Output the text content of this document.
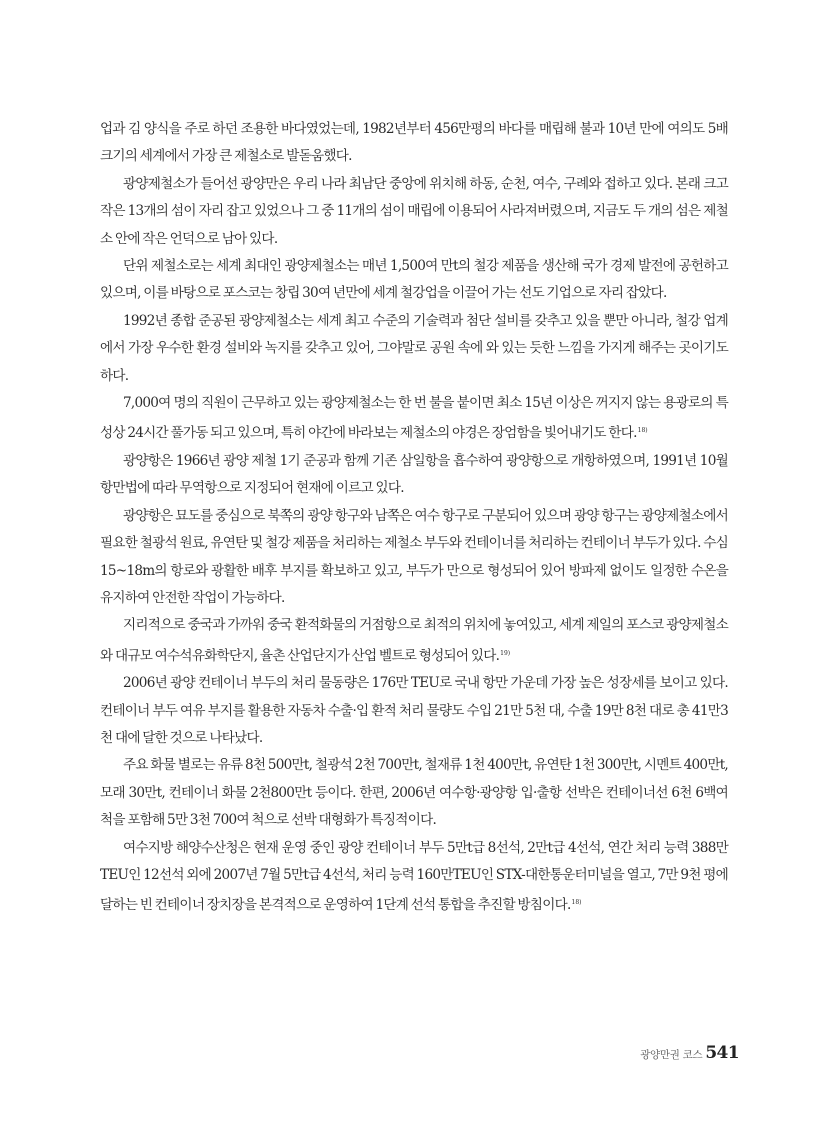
업과 김 양식을 주로 하던 조용한 바다였었는데, 1982년부터 456만평의 바다를 매립해 불과 10년 만에 여의도 5배 크기의 세계에서 가장 큰 제철소로 발돋움했다.

광양제철소가 들어선 광양만은 우리 나라 최남단 중앙에 위치해 하동, 순천, 여수, 구례와 접하고 있다. 본래 크고 작은 13개의 섬이 자리 잡고 있었으나 그 중 11개의 섬이 매립에 이용되어 사라져버렸으며, 지금도 두 개의 섬은 제철소 안에 작은 언덕으로 남아 있다.

단위 제철소로는 세계 최대인 광양제철소는 매년 1,500여 만t의 철강 제품을 생산해 국가 경제 발전에 공헌하고 있으며, 이를 바탕으로 포스코는 창립 30여 년만에 세계 철강업을 이끌어 가는 선도 기업으로 자리 잡았다.

1992년 종합 준공된 광양제철소는 세계 최고 수준의 기술력과 첨단 설비를 갖추고 있을 뿐만 아니라, 철강 업계에서 가장 우수한 환경 설비와 녹지를 갖추고 있어, 그야말로 공원 속에 와 있는 듯한 느낌을 가지게 해주는 곳이기도 하다.

7,000여 명의 직원이 근무하고 있는 광양제철소는 한 번 불을 붙이면 최소 15년 이상은 꺼지지 않는 용광로의 특성상 24시간 풀가동 되고 있으며, 특히 야간에 바라보는 제철소의 야경은 장엄함을 빛어내기도 한다.$^{18)}$

광양항은 1966년 광양 제철 1기 준공과 함께 기존 삼일항을 흡수하여 광양항으로 개항하였으며, 1991년 10월 항만법에 따라 무역항으로 지정되어 현재에 이르고 있다.

광양항은 묘도를 중심으로 북쪽의 광양 항구와 남쪽은 여수 항구로 구분되어 있으며 광양 항구는 광양제철소에서 필요한 철광석 원료, 유연탄 및 철강 제품을 처리하는 제철소 부두와 컨테이너를 처리하는 컨테이너 부두가 있다. 수심 15~18m의 항로와 광활한 배후 부지를 확보하고 있고, 부두가 만으로 형성되어 있어 방파제 없이도 일정한 수온을 유지하여 안전한 작업이 가능하다.

지리적으로 중국과 가까워 중국 환적화물의 거점항으로 최적의 위치에 놓여있고, 세계 제일의 포스코 광양제철소와 대규모 여수석유화학단지, 율촌 산업단지가 산업 벨트로 형성되어 있다.$^{19)}$

2006년 광양 컨테이너 부두의 처리 물동량은 176만 TEU로 국내 항만 가운데 가장 높은 성장세를 보이고 있다. 컨테이너 부두 여유 부지를 활용한 자동차 수출·입 환적 처리 물량도 수입 21만 5천 대, 수출 19만 8천 대로 총 41만3천 대에 달한 것으로 나타났다.

주요 화물 별로는 유류 8천 500만t, 철광석 2천 700만t, 철재류 1천 400만t, 유연탄 1천 300만t, 시멘트 400만t, 모래 30만t, 컨테이너 화물 2천800만t 등이다. 한편, 2006년 여수항·광양항 입·출항 선박은 컨테이너선 6천 6백여 척을 포함해 5만 3천 700여 척으로 선박 대형화가 특징적이다.

여수지방 해양수산청은 현재 운영 중인 광양 컨테이너 부두 5만t급 8선석, 2만t급 4선석, 연간 처리 능력 388만TEU인 12선석 외에 2007년 7월 5만t급 4선석, 처리 능력 160만TEU인 STX-대한통운터미널을 열고, 7만 9천 평에 달하는 빈 컨테이너 장치장을 본격적으로 운영하여 1단계 선석 통합을 추진할 방침이다.$^{18)}$

광양만권 코스 541
